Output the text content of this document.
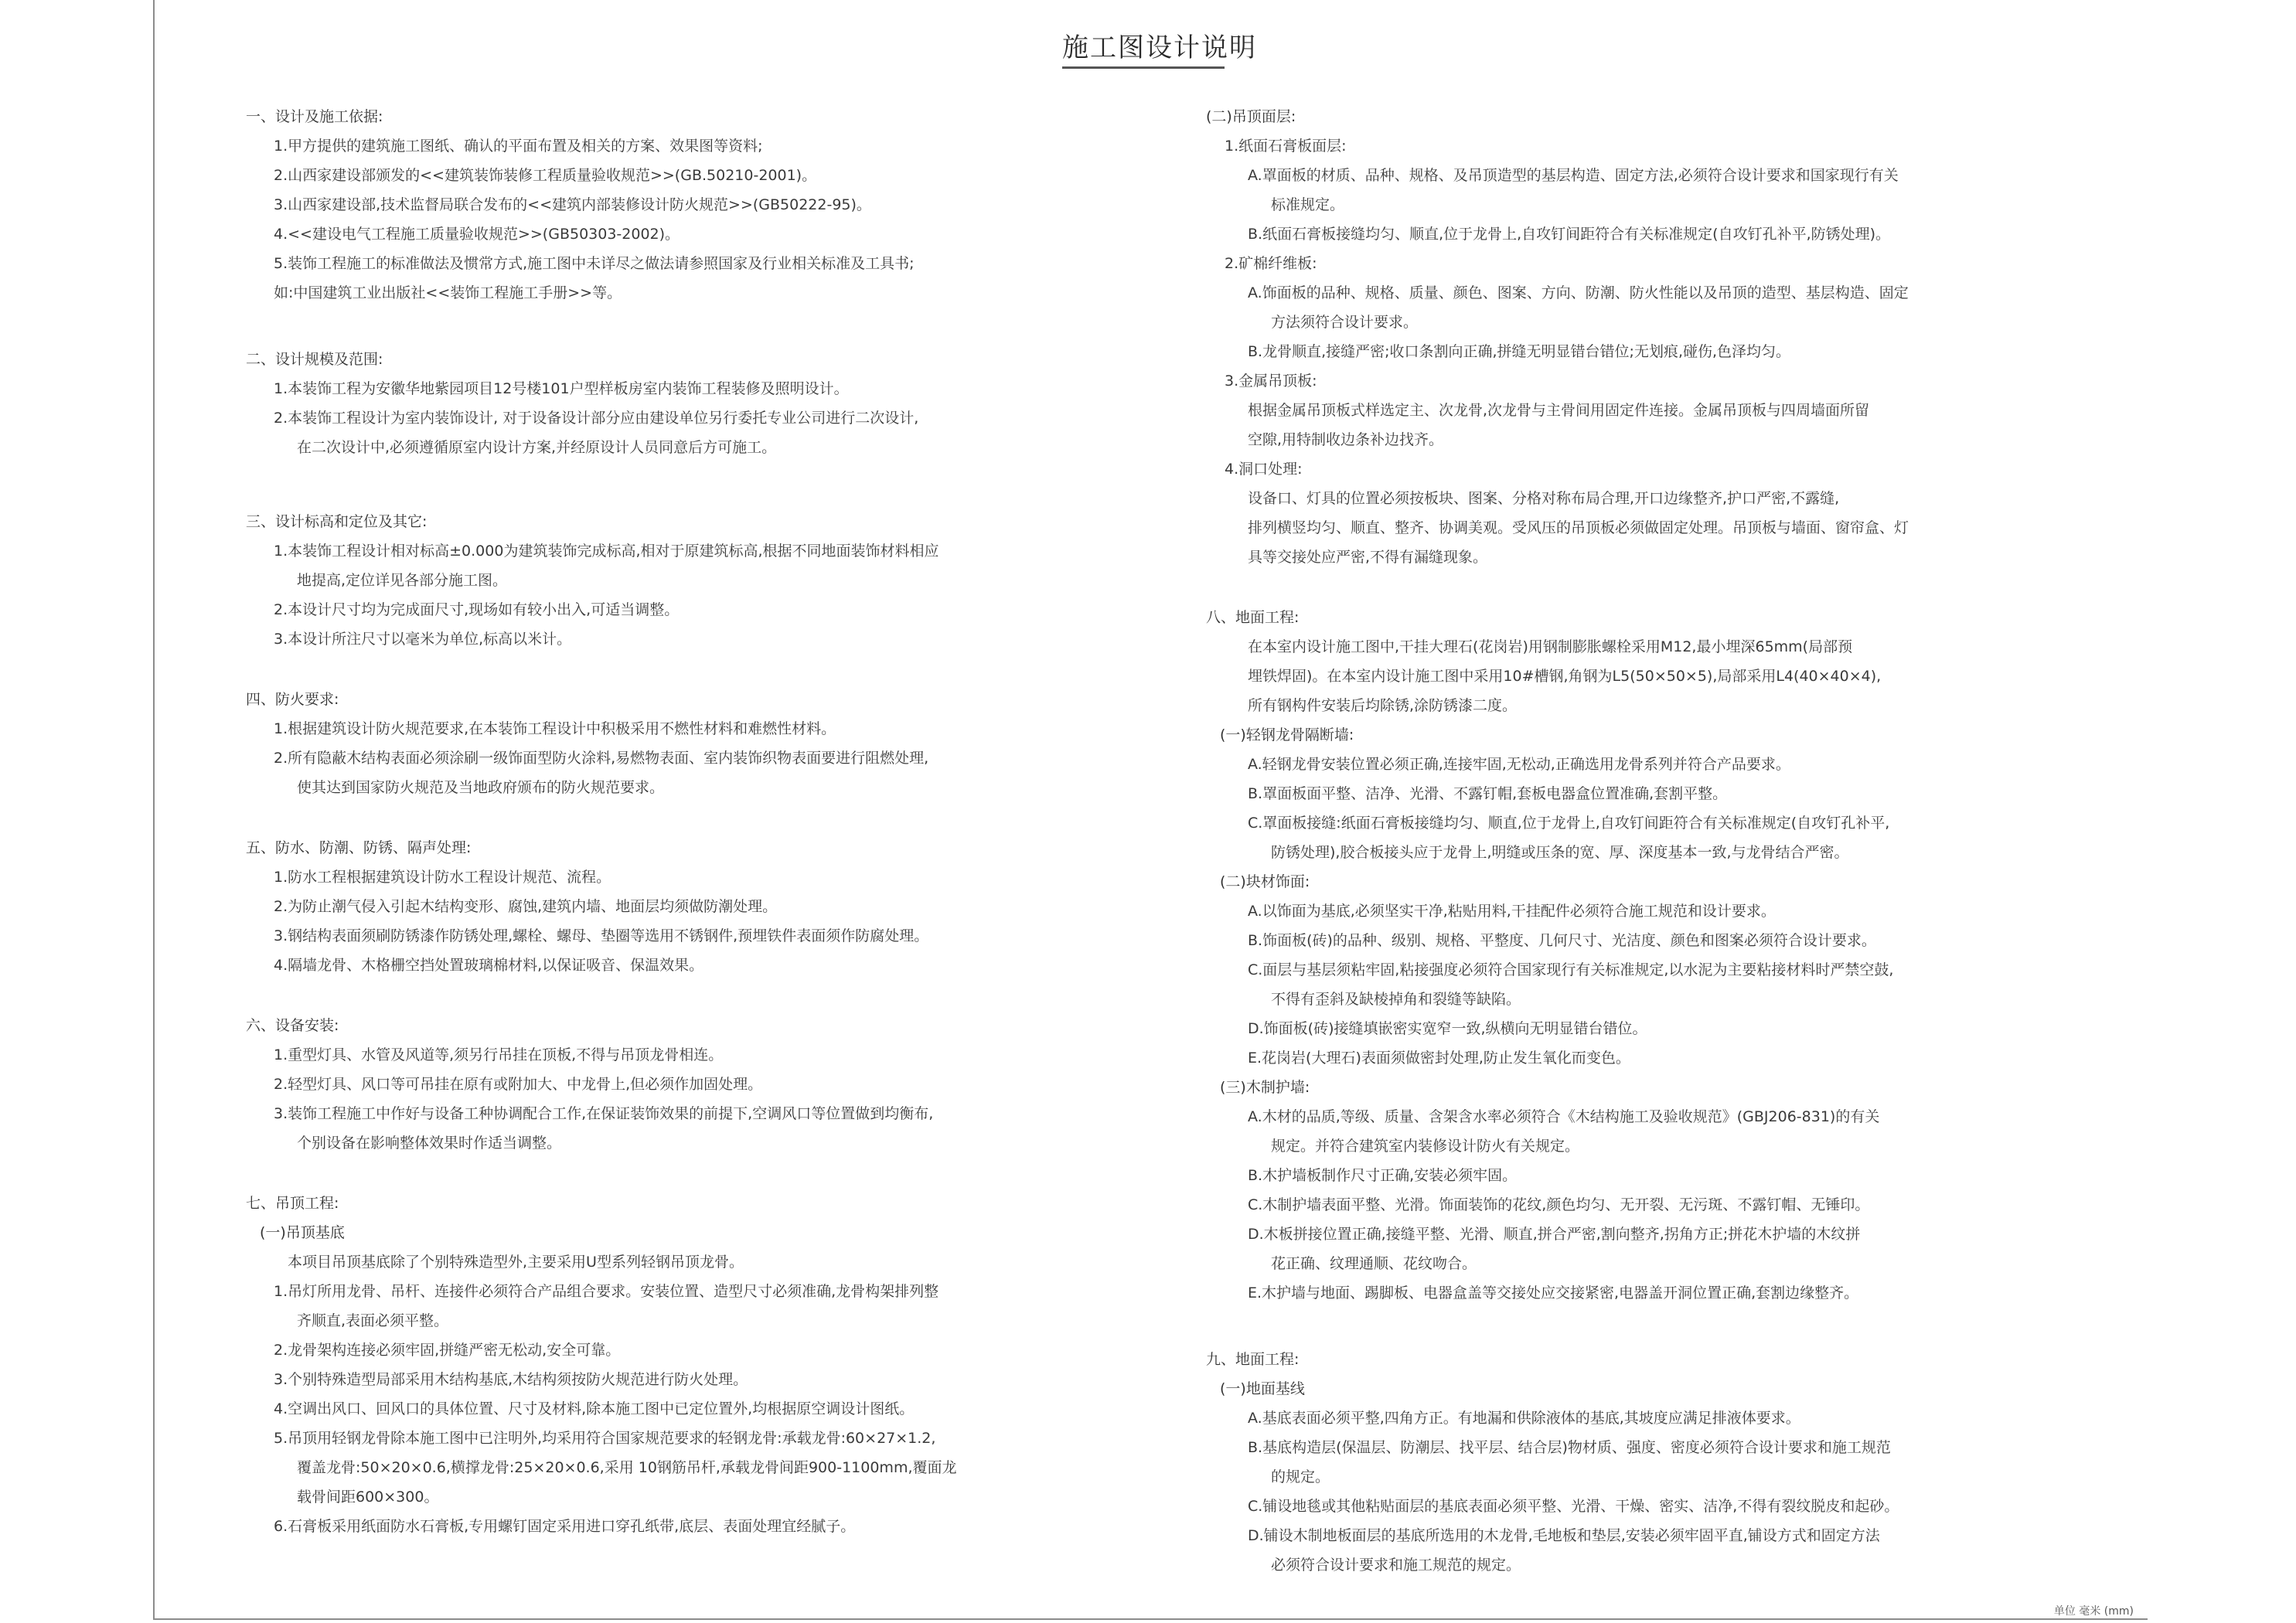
施工图设计说明
一、设计及施工依据:
1.甲方提供的建筑施工图纸、确认的平面布置及相关的方案、效果图等资料;
2.山西家建设部颁发的<<建筑装饰装修工程质量验收规范>>(GB.50210-2001)。
3.山西家建设部,技术监督局联合发布的<<建筑内部装修设计防火规范>>(GB50222-95)。
4.<<建设电气工程施工质量验收规范>>(GB50303-2002)。
5.装饰工程施工的标准做法及惯常方式,施工图中未详尽之做法请参照国家及行业相关标准及工具书;
如:中国建筑工业出版社<<装饰工程施工手册>>等。
二、设计规模及范围:
1.本装饰工程为安徽华地紫园项目12号楼101户型样板房室内装饰工程装修及照明设计。
2.本装饰工程设计为室内装饰设计, 对于设备设计部分应由建设单位另行委托专业公司进行二次设计,
在二次设计中,必须遵循原室内设计方案,并经原设计人员同意后方可施工。
三、设计标高和定位及其它:
1.本装饰工程设计相对标高±0.000为建筑装饰完成标高,相对于原建筑标高,根据不同地面装饰材料相应
地提高,定位详见各部分施工图。
2.本设计尺寸均为完成面尺寸,现场如有较小出入,可适当调整。
3.本设计所注尺寸以毫米为单位,标高以米计。
四、防火要求:
1.根据建筑设计防火规范要求,在本装饰工程设计中积极采用不燃性材料和难燃性材料。
2.所有隐蔽木结构表面必须涂刷一级饰面型防火涂料,易燃物表面、室内装饰织物表面要进行阻燃处理,
使其达到国家防火规范及当地政府颁布的防火规范要求。
五、防水、防潮、防锈、隔声处理:
1.防水工程根据建筑设计防水工程设计规范、流程。
2.为防止潮气侵入引起木结构变形、腐蚀,建筑内墙、地面层均须做防潮处理。
3.钢结构表面须刷防锈漆作防锈处理,螺栓、螺母、垫圈等选用不锈钢件,预埋铁件表面须作防腐处理。
4.隔墙龙骨、木格栅空挡处置玻璃棉材料,以保证吸音、保温效果。
六、设备安装:
1.重型灯具、水管及风道等,须另行吊挂在顶板,不得与吊顶龙骨相连。
2.轻型灯具、风口等可吊挂在原有或附加大、中龙骨上,但必须作加固处理。
3.装饰工程施工中作好与设备工种协调配合工作,在保证装饰效果的前提下,空调风口等位置做到均衡布,
个别设备在影响整体效果时作适当调整。
七、吊顶工程:
(一)吊顶基底
本项目吊顶基底除了个别特殊造型外,主要采用U型系列轻钢吊顶龙骨。
1.吊灯所用龙骨、吊杆、连接件必须符合产品组合要求。安装位置、造型尺寸必须准确,龙骨构架排列整
齐顺直,表面必须平整。
2.龙骨架构连接必须牢固,拼缝严密无松动,安全可靠。
3.个别特殊造型局部采用木结构基底,木结构须按防火规范进行防火处理。
4.空调出风口、回风口的具体位置、尺寸及材料,除本施工图中已定位置外,均根据原空调设计图纸。
5.吊顶用轻钢龙骨除本施工图中已注明外,均采用符合国家规范要求的轻钢龙骨:承载龙骨:60×27×1.2,
覆盖龙骨:50×20×0.6,横撑龙骨:25×20×0.6,采用 10钢筋吊杆,承载龙骨间距900-1100mm,覆面龙
载骨间距600×300。
6.石膏板采用纸面防水石膏板,专用螺钉固定采用进口穿孔纸带,底层、表面处理宜经腻子。
(二)吊顶面层:
1.纸面石膏板面层:
A.罩面板的材质、品种、规格、及吊顶造型的基层构造、固定方法,必须符合设计要求和国家现行有关
标准规定。
B.纸面石膏板接缝均匀、顺直,位于龙骨上,自攻钉间距符合有关标准规定(自攻钉孔补平,防锈处理)。
2.矿棉纤维板:
A.饰面板的品种、规格、质量、颜色、图案、方向、防潮、防火性能以及吊顶的造型、基层构造、固定
方法须符合设计要求。
B.龙骨顺直,接缝严密;收口条割向正确,拼缝无明显错台错位;无划痕,碰伤,色泽均匀。
3.金属吊顶板:
根据金属吊顶板式样选定主、次龙骨,次龙骨与主骨间用固定件连接。金属吊顶板与四周墙面所留
空隙,用特制收边条补边找齐。
4.洞口处理:
设备口、灯具的位置必须按板块、图案、分格对称布局合理,开口边缘整齐,护口严密,不露缝,
排列横竖均匀、顺直、整齐、协调美观。受风压的吊顶板必须做固定处理。吊顶板与墙面、窗帘盒、灯
具等交接处应严密,不得有漏缝现象。
八、地面工程:
在本室内设计施工图中,干挂大理石(花岗岩)用钢制膨胀螺栓采用M12,最小埋深65mm(局部预
埋铁焊固)。在本室内设计施工图中采用10#槽钢,角钢为L5(50×50×5),局部采用L4(40×40×4),
所有钢构件安装后均除锈,涂防锈漆二度。
(一)轻钢龙骨隔断墙:
A.轻钢龙骨安装位置必须正确,连接牢固,无松动,正确选用龙骨系列并符合产品要求。
B.罩面板面平整、洁净、光滑、不露钉帽,套板电器盒位置准确,套割平整。
C.罩面板接缝:纸面石膏板接缝均匀、顺直,位于龙骨上,自攻钉间距符合有关标准规定(自攻钉孔补平,
防锈处理),胶合板接头应于龙骨上,明缝或压条的宽、厚、深度基本一致,与龙骨结合严密。
(二)块材饰面:
A.以饰面为基底,必须坚实干净,粘贴用料,干挂配件必须符合施工规范和设计要求。
B.饰面板(砖)的品种、级别、规格、平整度、几何尺寸、光洁度、颜色和图案必须符合设计要求。
C.面层与基层须粘牢固,粘接强度必须符合国家现行有关标准规定,以水泥为主要粘接材料时严禁空鼓,
不得有歪斜及缺棱掉角和裂缝等缺陷。
D.饰面板(砖)接缝填嵌密实宽窄一致,纵横向无明显错台错位。
E.花岗岩(大理石)表面须做密封处理,防止发生氧化而变色。
(三)木制护墙:
A.木材的品质,等级、质量、含架含水率必须符合《木结构施工及验收规范》(GBJ206-831)的有关
规定。并符合建筑室内装修设计防火有关规定。
B.木护墙板制作尺寸正确,安装必须牢固。
C.木制护墙表面平整、光滑。饰面装饰的花纹,颜色均匀、无开裂、无污斑、不露钉帽、无锤印。
D.木板拼接位置正确,接缝平整、光滑、顺直,拼合严密,割向整齐,拐角方正;拼花木护墙的木纹拼
花正确、纹理通顺、花纹吻合。
E.木护墙与地面、踢脚板、电器盒盖等交接处应交接紧密,电器盖开洞位置正确,套割边缘整齐。
九、地面工程:
(一)地面基线
A.基底表面必须平整,四角方正。有地漏和供除液体的基底,其坡度应满足排液体要求。
B.基底构造层(保温层、防潮层、找平层、结合层)物材质、强度、密度必须符合设计要求和施工规范
的规定。
C.铺设地毯或其他粘贴面层的基底表面必须平整、光滑、干燥、密实、洁净,不得有裂纹脱皮和起砂。
D.铺设木制地板面层的基底所选用的木龙骨,毛地板和垫层,安装必须牢固平直,铺设方式和固定方法
必须符合设计要求和施工规范的规定。
单位 毫米 (mm)
